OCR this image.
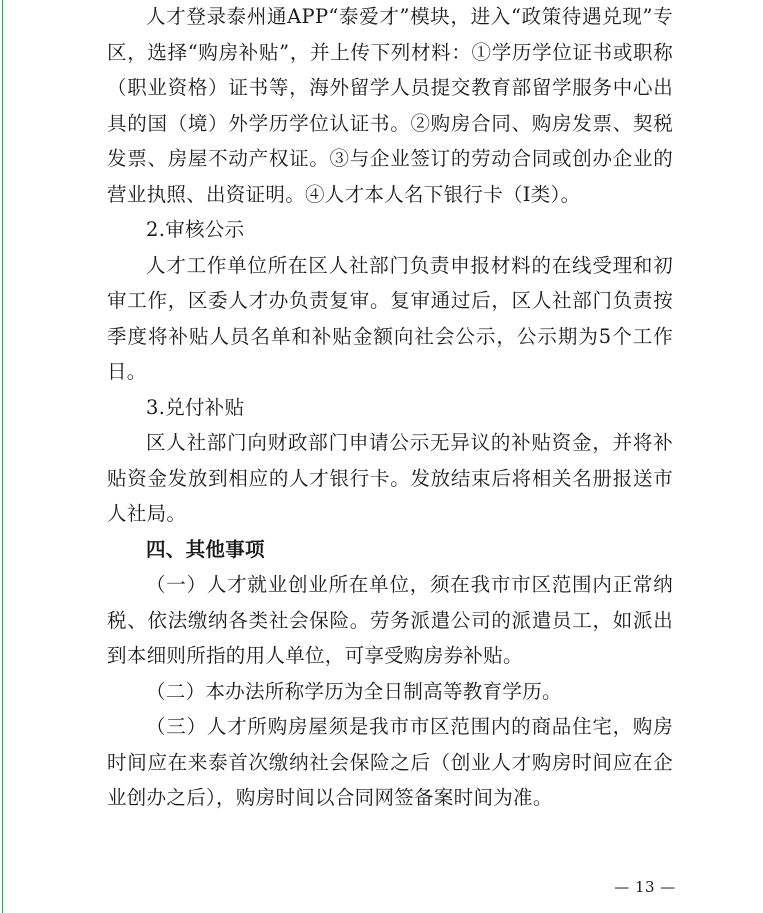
人才登录泰州通APP“泰爱才”模块，进入“政策待遇兑现”专区，选择“购房补贴”，并上传下列材料：①学历学位证书或职称（职业资格）证书等，海外留学人员提交教育部留学服务中心出具的国（境）外学历学位认证书。②购房合同、购房发票、契税发票、房屋不动产权证。③与企业签订的劳动合同或创办企业的营业执照、出资证明。④人才本人名下银行卡（I类）。

2.审核公示

人才工作单位所在区人社部门负责申报材料的在线受理和初审工作，区委人才办负责复审。复审通过后，区人社部门负责按季度将补贴人员名单和补贴金额向社会公示，公示期为5个工作日。

3.兑付补贴

区人社部门向财政部门申请公示无异议的补贴资金，并将补贴资金发放到相应的人才银行卡。发放结束后将相关名册报送市人社局。

四、其他事项

（一）人才就业创业所在单位，须在我市市区范围内正常纳税、依法缴纳各类社会保险。劳务派遣公司的派遣员工，如派出到本细则所指的用人单位，可享受购房券补贴。

（二）本办法所称学历为全日制高等教育学历。

（三）人才所购房屋须是我市市区范围内的商品住宅，购房时间应在来泰首次缴纳社会保险之后（创业人才购房时间应在企业创办之后），购房时间以合同网签备案时间为准。

— 13 —
